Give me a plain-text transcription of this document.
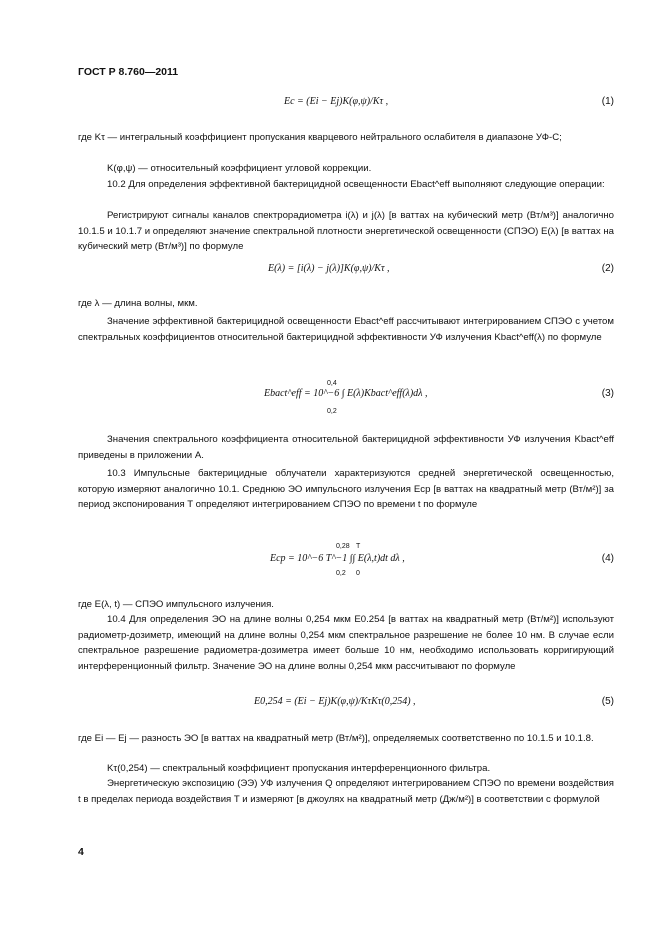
ГОСТ Р 8.760—2011
Ec = (Ei − Ej)K(φ,ψ)/Kτ ,	(1)
где Kτ — интегральный коэффициент пропускания кварцевого нейтрального ослабителя в диапазоне УФ-С;
K(φ,ψ) — относительный коэффициент угловой коррекции.
10.2 Для определения эффективной бактерицидной освещенности Ebact^eff выполняют следующие операции:
Регистрируют сигналы каналов спектрорадиометра i(λ) и j(λ) [в ваттах на кубический метр (Вт/м³)] аналогично 10.1.5 и 10.1.7 и определяют значение спектральной плотности энергетической освещенности (СПЭО) E(λ) [в ваттах на кубический метр (Вт/м³)] по формуле
E(λ) = [i(λ) − j(λ)]K(φ,ψ)/Kτ ,	(2)
где λ — длина волны, мкм.
Значение эффективной бактерицидной освещенности Ebact^eff рассчитывают интегрированием СПЭО с учетом спектральных коэффициентов относительной бактерицидной эффективности УФ излучения Kbact^eff(λ) по формуле
0,4
0,2
Ebact^eff = 10^−6 ∫ E(λ)Kbact^eff(λ)dλ ,	(3)
Значения спектрального коэффициента относительной бактерицидной эффективности УФ излучения Kbact^eff приведены в приложении А.
10.3 Импульсные бактерицидные облучатели характеризуются средней энергетической освещенностью, которую измеряют аналогично 10.1. Среднюю ЭО импульсного излучения Eср [в ваттах на квадратный метр (Вт/м²)] за период экспонирования T определяют интегрированием СПЭО по времени t по формуле
0,28
0,2
T
0
Eср = 10^−6 T^−1 ∫∫ E(λ,t)dt dλ ,	(4)
где E(λ, t) — СПЭО импульсного излучения.
10.4 Для определения ЭО на длине волны 0,254 мкм E0.254 [в ваттах на квадратный метр (Вт/м²)] используют радиометр-дозиметр, имеющий на длине волны 0,254 мкм спектральное разрешение не более 10 нм. В случае если спектральное разрешение радиометра-дозиметра имеет больше 10 нм, необходимо использовать корригирующий интерференционный фильтр. Значение ЭО на длине волны 0,254 мкм рассчитывают по формуле
E0,254 = (Ei − Ej)K(φ,ψ)/KτKτ(0,254) ,	(5)
где Ei — Ej — разность ЭО [в ваттах на квадратный метр (Вт/м²)], определяемых соответственно по 10.1.5 и 10.1.8.
Kτ(0,254) — спектральный коэффициент пропускания интерференционного фильтра.
Энергетическую экспозицию (ЭЭ) УФ излучения Q определяют интегрированием СПЭО по времени воздействия t в пределах периода воздействия T и измеряют [в джоулях на квадратный метр (Дж/м²)] в соответствии с формулой
4
